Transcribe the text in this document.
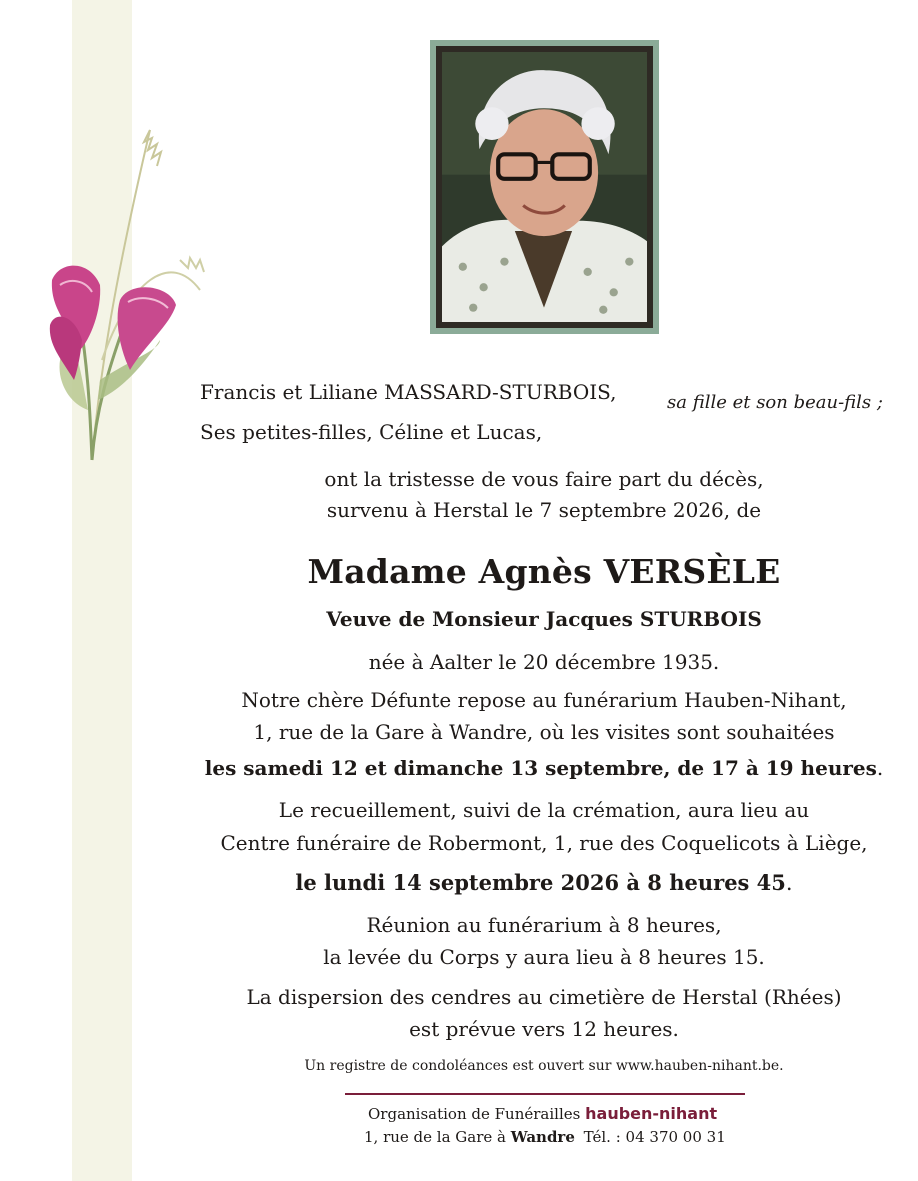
Francis et Liliane MASSARD-STURBOIS,	sa fille et son beau-fils ;
Ses petites-filles, Céline et Lucas,
ont la tristesse de vous faire part du décès,
survenu à Herstal le 7 septembre 2026, de
Madame Agnès VERSÈLE
Veuve de Monsieur Jacques STURBOIS
née à Aalter le 20 décembre 1935.
Notre chère Défunte repose au funérarium Hauben-Nihant,
1, rue de la Gare à Wandre, où les visites sont souhaitées
les samedi 12 et dimanche 13 septembre, de 17 à 19 heures.
Le recueillement, suivi de la crémation, aura lieu au
Centre funéraire de Robermont, 1, rue des Coquelicots à Liège,
le lundi 14 septembre 2026 à 8 heures 45.
Réunion au funérarium à 8 heures,
la levée du Corps y aura lieu à 8 heures 15.
La dispersion des cendres au cimetière de Herstal (Rhées)
est prévue vers 12 heures.
Un registre de condoléances est ouvert sur www.hauben-nihant.be.
Organisation de Funérailles hauben-nihant
1, rue de la Gare à Wandre Tél. : 04 370 00 31
